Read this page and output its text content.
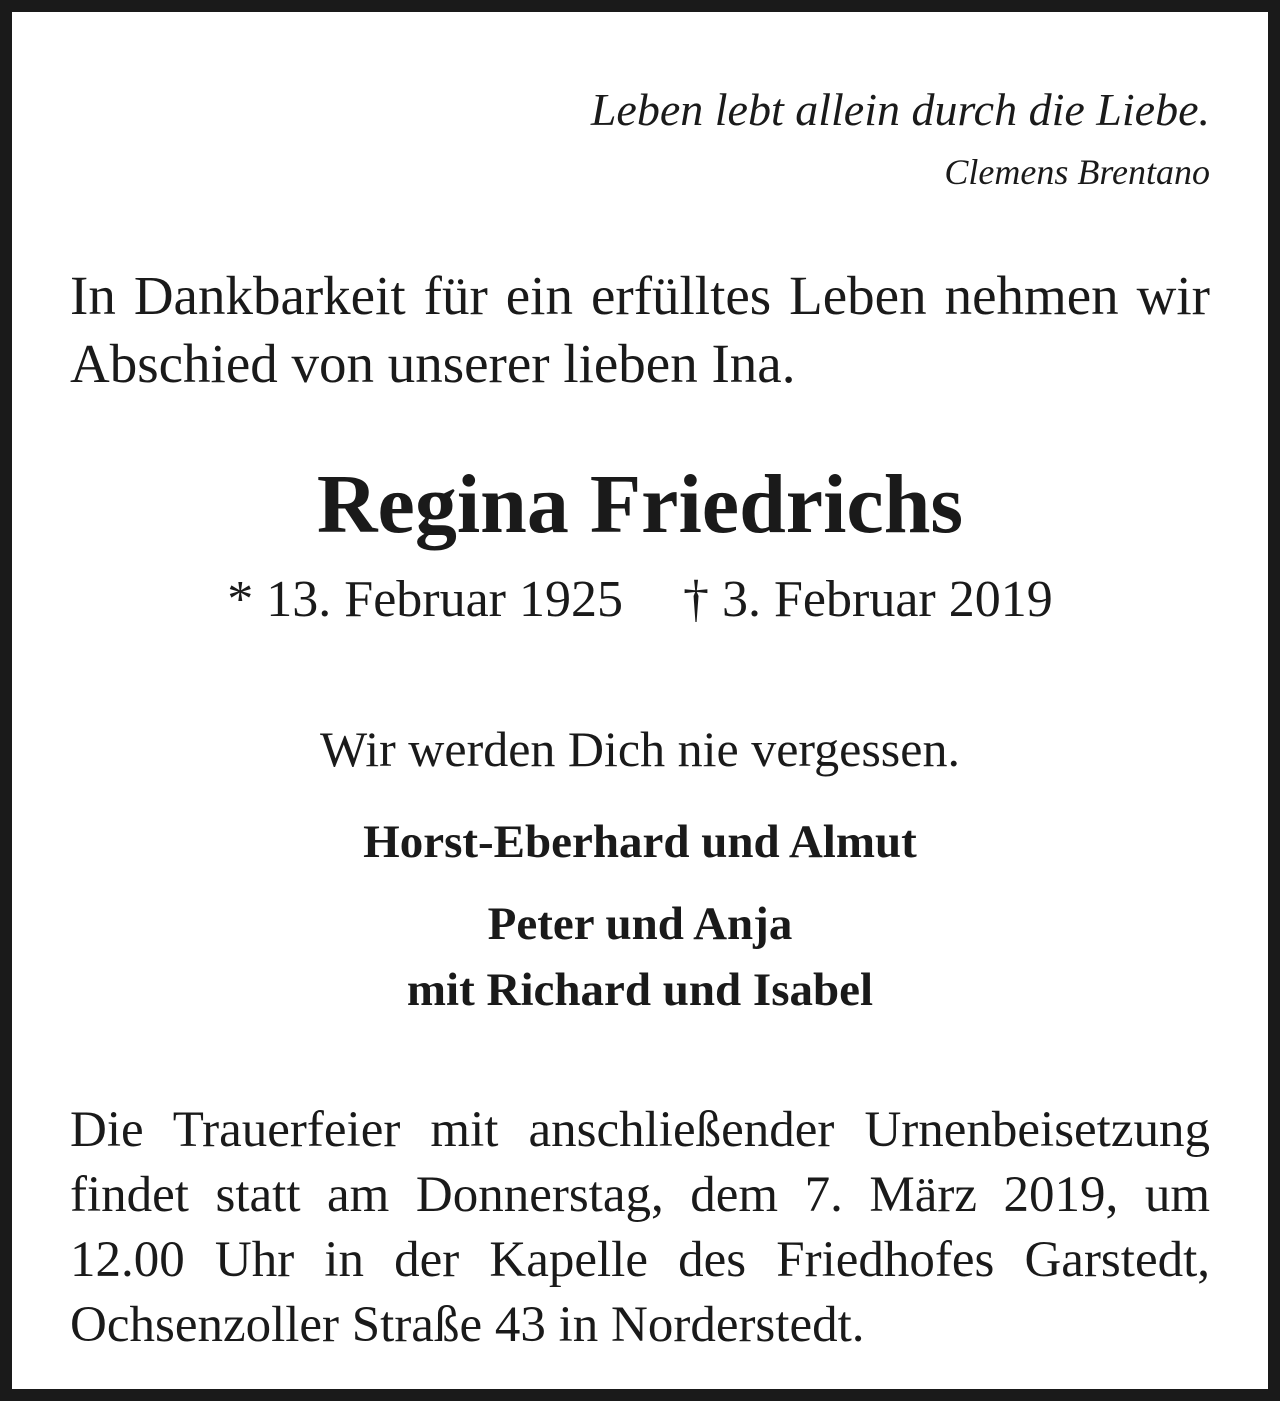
Leben lebt allein durch die Liebe.
Clemens Brentano
In Dankbarkeit für ein erfülltes Leben nehmen wir Abschied von unserer lieben Ina.
Regina Friedrichs
* 13. Februar 1925 † 3. Februar 2019
Wir werden Dich nie vergessen.
Horst-Eberhard und Almut
Peter und Anja
mit Richard und Isabel
Die Trauerfeier mit anschließender Urnenbeisetzung findet statt am Donnerstag, dem 7. März 2019, um 12.00 Uhr in der Kapelle des Friedhofes Garstedt, Ochsenzoller Straße 43 in Norderstedt.
